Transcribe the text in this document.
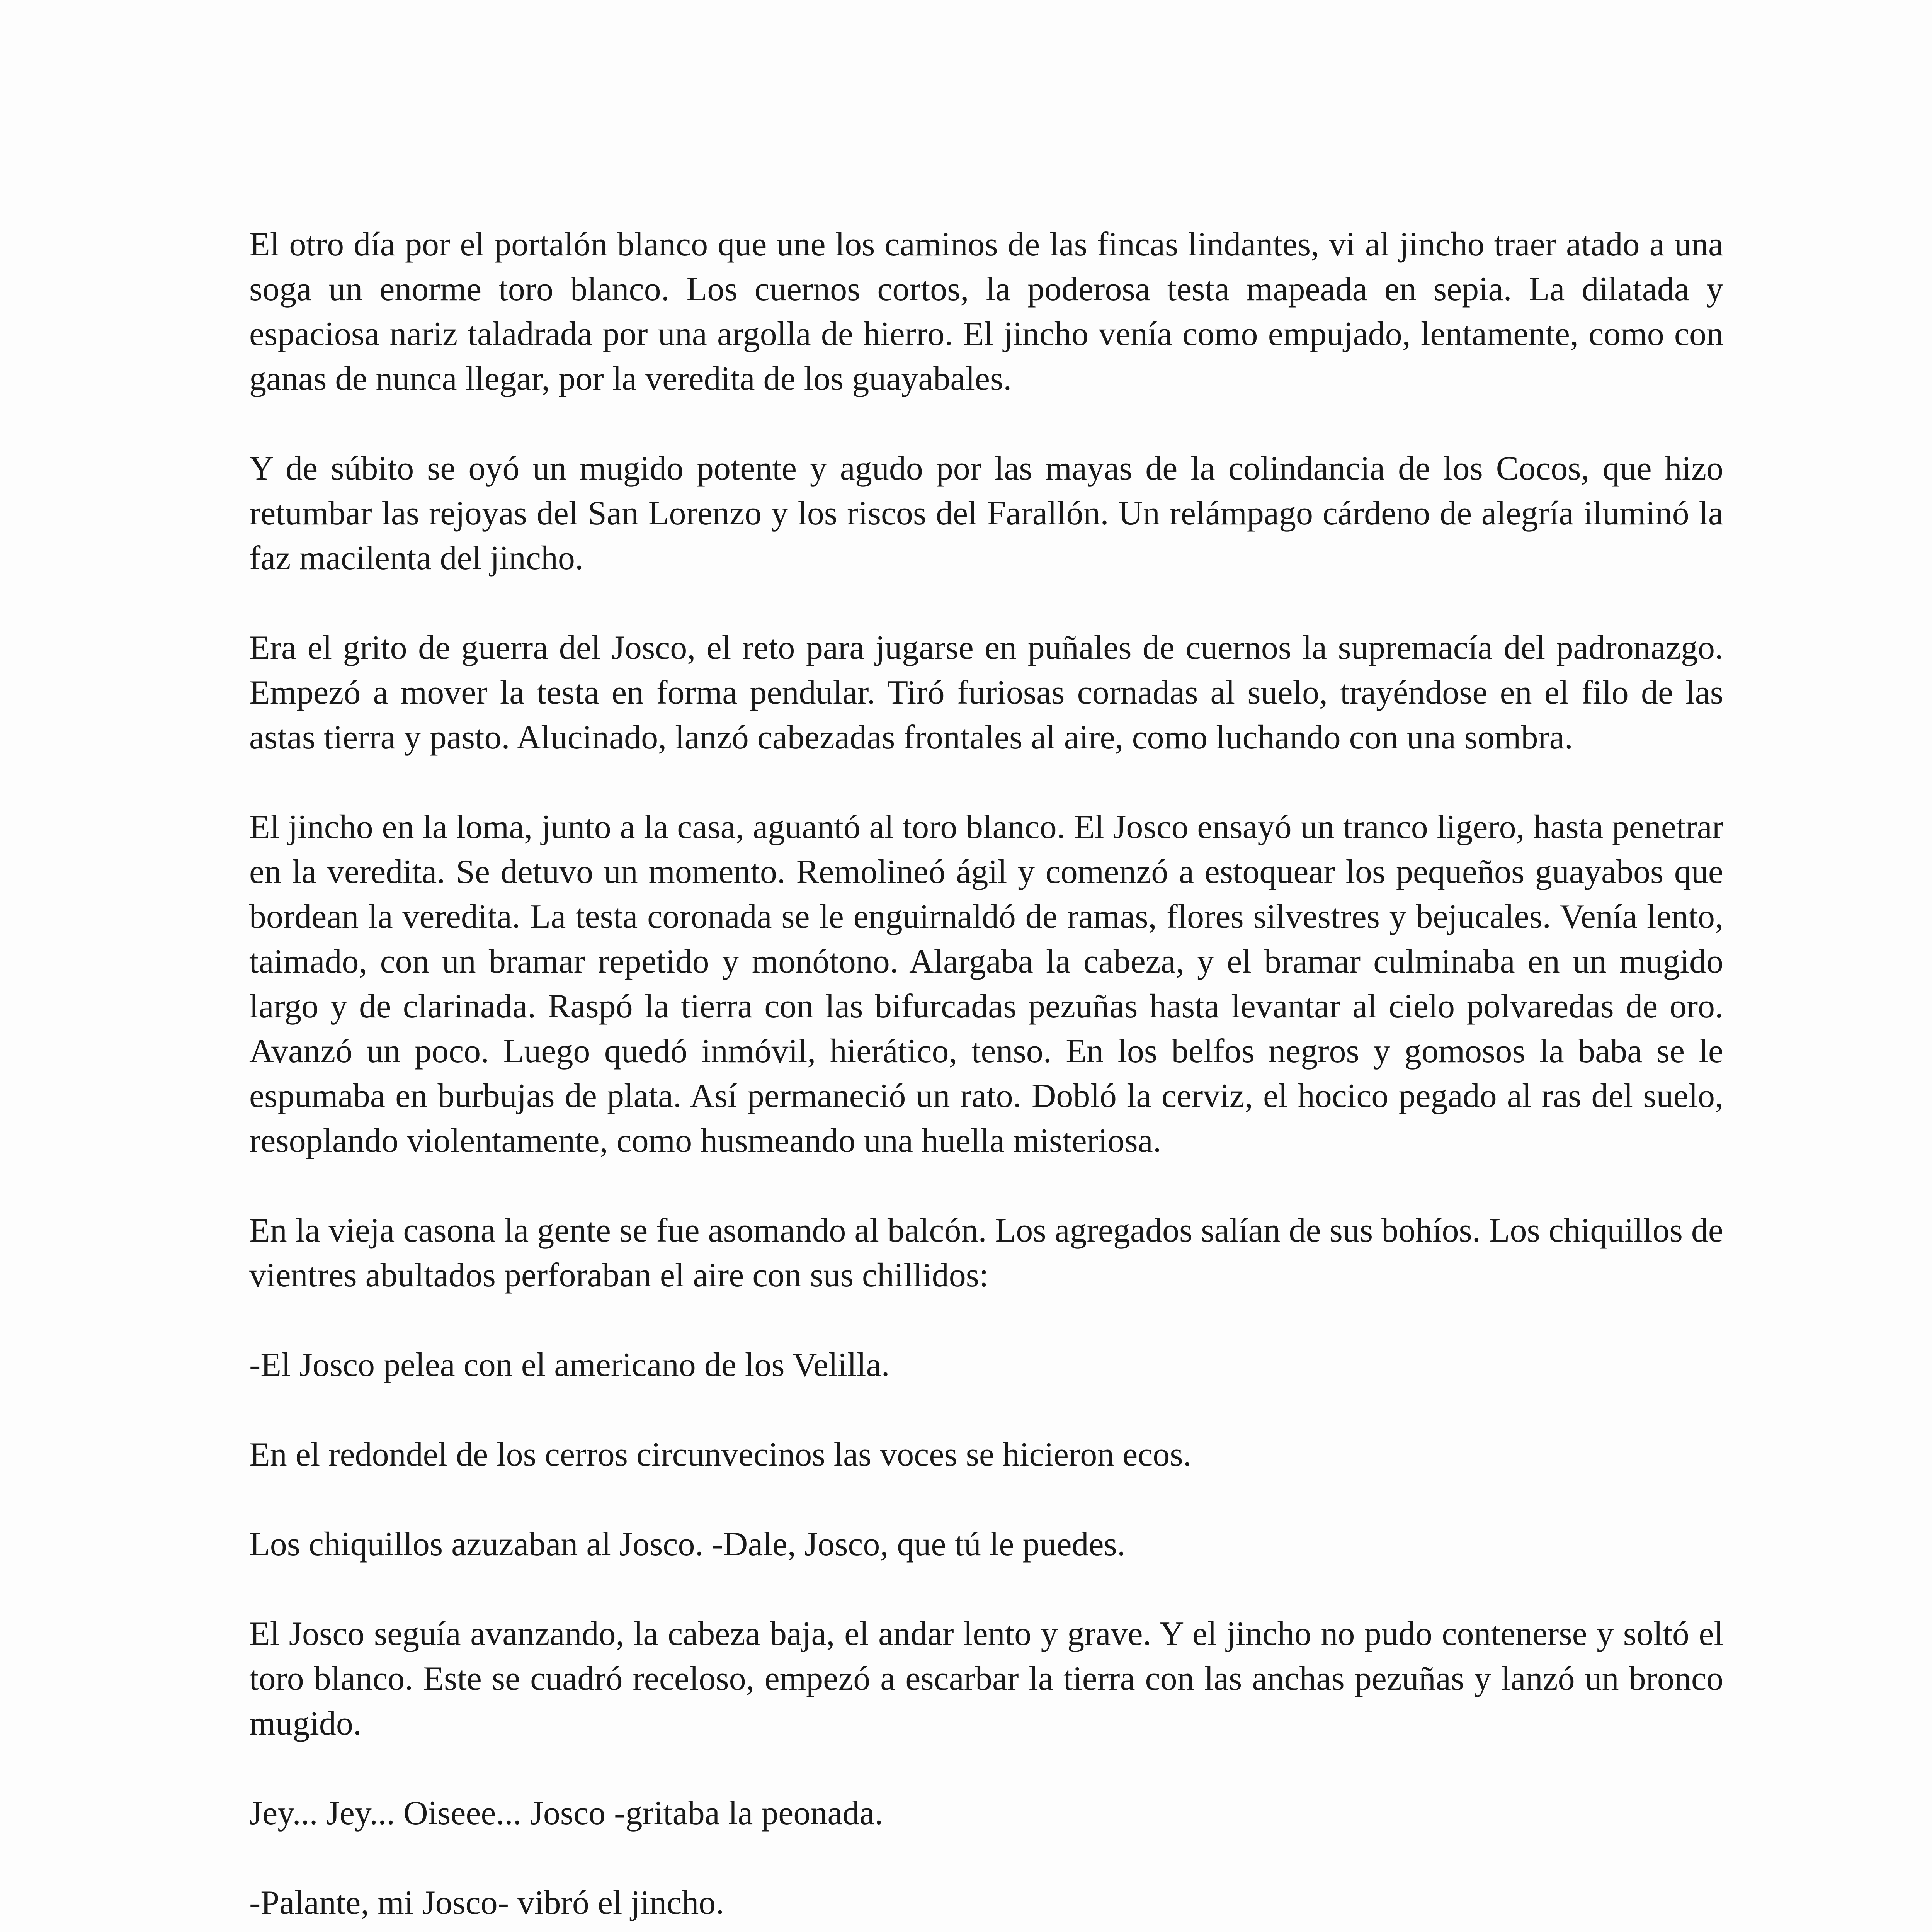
El otro día por el portalón blanco que une los caminos de las fincas lindantes, vi al jincho traer atado a una soga un enorme toro blanco. Los cuernos cortos, la poderosa testa mapeada en sepia. La dilatada y espaciosa nariz taladrada por una argolla de hierro. El jincho venía como empujado, lentamente, como con ganas de nunca llegar, por la veredita de los guayabales.

Y de súbito se oyó un mugido potente y agudo por las mayas de la colindancia de los Cocos, que hizo retumbar las rejoyas del San Lorenzo y los riscos del Farallón. Un relámpago cárdeno de alegría iluminó la faz macilenta del jincho.

Era el grito de guerra del Josco, el reto para jugarse en puñales de cuernos la supremacía del padronazgo. Empezó a mover la testa en forma pendular. Tiró furiosas cornadas al suelo, trayéndose en el filo de las astas tierra y pasto. Alucinado, lanzó cabezadas frontales al aire, como luchando con una sombra.

El jincho en la loma, junto a la casa, aguantó al toro blanco. El Josco ensayó un tranco ligero, hasta penetrar en la veredita. Se detuvo un momento. Remolineó ágil y comenzó a estoquear los pequeños guayabos que bordean la veredita. La testa coronada se le enguirnaldó de ramas, flores silvestres y bejucales. Venía lento, taimado, con un bramar repetido y monótono. Alargaba la cabeza, y el bramar culminaba en un mugido largo y de clarinada. Raspó la tierra con las bifurcadas pezuñas hasta levantar al cielo polvaredas de oro. Avanzó un poco. Luego quedó inmóvil, hierático, tenso. En los belfos negros y gomosos la baba se le espumaba en burbujas de plata. Así permaneció un rato. Dobló la cerviz, el hocico pegado al ras del suelo, resoplando violentamente, como husmeando una huella misteriosa.

En la vieja casona la gente se fue asomando al balcón. Los agregados salían de sus bohíos. Los chiquillos de vientres abultados perforaban el aire con sus chillidos:

-El Josco pelea con el americano de los Velilla.

En el redondel de los cerros circunvecinos las voces se hicieron ecos.

Los chiquillos azuzaban al Josco. -Dale, Josco, que tú le puedes.

El Josco seguía avanzando, la cabeza baja, el andar lento y grave. Y el jincho no pudo contenerse y soltó el toro blanco. Este se cuadró receloso, empezó a escarbar la tierra con las anchas pezuñas y lanzó un bronco mugido.

Jey... Jey... Oiseee... Josco -gritaba la peonada.

-Palante, mi Josco- vibró el jincho.
